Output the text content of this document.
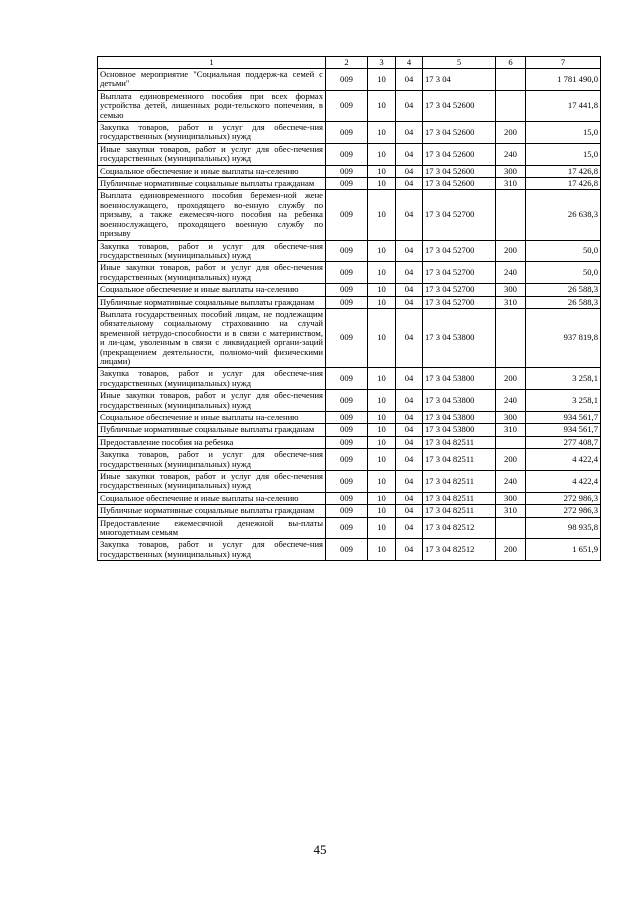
1	2	3	4	5	6	7
Основное мероприятие "Социальная поддерж-ка семей с детьми"	009	10	04	17 3 04		1 781 490,0
Выплата единовременного пособия при всех формах устройства детей, лишенных роди-тельского попечения, в семью	009	10	04	17 3 04 52600		17 441,8
Закупка товаров, работ и услуг для обеспече-ния государственных (муниципальных) нужд	009	10	04	17 3 04 52600	200	15,0
Иные закупки товаров, работ и услуг для обес-печения государственных (муниципальных) нужд	009	10	04	17 3 04 52600	240	15,0
Социальное обеспечение и иные выплаты на-селению	009	10	04	17 3 04 52600	300	17 426,8
Публичные нормативные социальные выплаты гражданам	009	10	04	17 3 04 52600	310	17 426,8
Выплата единовременного пособия беремен-ной жене военнослужащего, проходящего во-енную службу по призыву, а также ежемесяч-ного пособия на ребенка военнослужащего, проходящего военную службу по призыву	009	10	04	17 3 04 52700		26 638,3
Закупка товаров, работ и услуг для обеспече-ния государственных (муниципальных) нужд	009	10	04	17 3 04 52700	200	50,0
Иные закупки товаров, работ и услуг для обес-печения государственных (муниципальных) нужд	009	10	04	17 3 04 52700	240	50,0
Социальное обеспечение и иные выплаты на-селению	009	10	04	17 3 04 52700	300	26 588,3
Публичные нормативные социальные выплаты гражданам	009	10	04	17 3 04 52700	310	26 588,3
Выплата государственных пособий лицам, не подлежащим обязательному социальному страхованию на случай временной нетрудо-способности и в связи с материнством, и ли-цам, уволенным в связи с ликвидацией органи-заций (прекращением деятельности, полномо-чий физическими лицами)	009	10	04	17 3 04 53800		937 819,8
Закупка товаров, работ и услуг для обеспече-ния государственных (муниципальных) нужд	009	10	04	17 3 04 53800	200	3 258,1
Иные закупки товаров, работ и услуг для обес-печения государственных (муниципальных) нужд	009	10	04	17 3 04 53800	240	3 258,1
Социальное обеспечение и иные выплаты на-селению	009	10	04	17 3 04 53800	300	934 561,7
Публичные нормативные социальные выплаты гражданам	009	10	04	17 3 04 53800	310	934 561,7
Предоставление пособия на ребенка	009	10	04	17 3 04 82511		277 408,7
Закупка товаров, работ и услуг для обеспече-ния государственных (муниципальных) нужд	009	10	04	17 3 04 82511	200	4 422,4
Иные закупки товаров, работ и услуг для обес-печения государственных (муниципальных) нужд	009	10	04	17 3 04 82511	240	4 422,4
Социальное обеспечение и иные выплаты на-селению	009	10	04	17 3 04 82511	300	272 986,3
Публичные нормативные социальные выплаты гражданам	009	10	04	17 3 04 82511	310	272 986,3
Предоставление ежемесячной денежной вы-платы многодетным семьям	009	10	04	17 3 04 82512		98 935,8
Закупка товаров, работ и услуг для обеспече-ния государственных (муниципальных) нужд	009	10	04	17 3 04 82512	200	1 651,9
45
